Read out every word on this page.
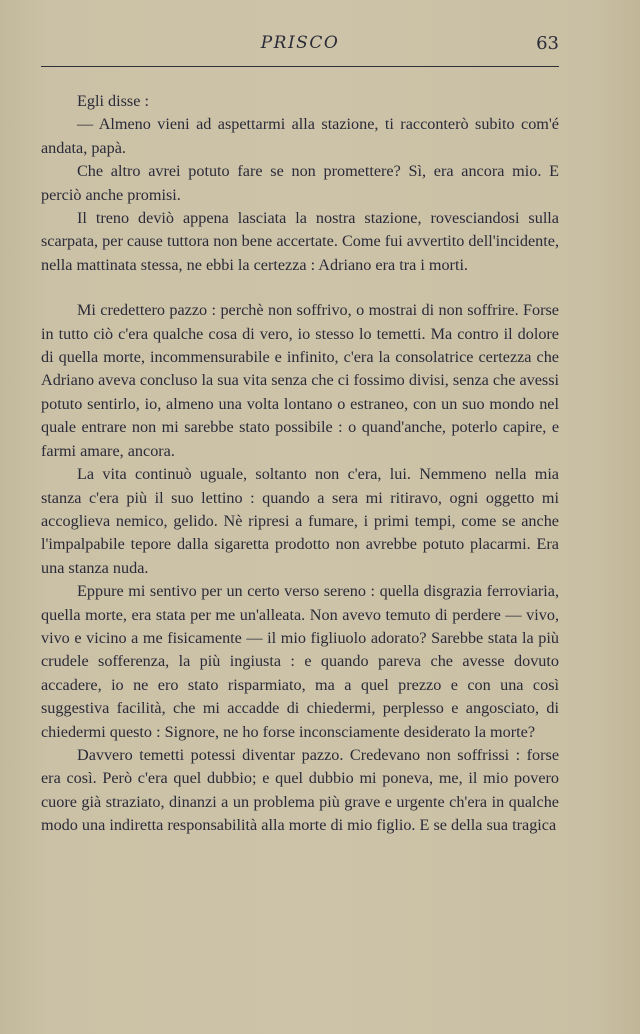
PRISCO	63

Egli disse :

— Almeno vieni ad aspettarmi alla stazione, ti racconterò subito com'é andata, papà.

Che altro avrei potuto fare se non promettere? Sì, era ancora mio. E perciò anche promisi.

Il treno deviò appena lasciata la nostra stazione, rovesciandosi sulla scarpata, per cause tuttora non bene accertate. Come fui avvertito dell'incidente, nella mattinata stessa, ne ebbi la certezza : Adriano era tra i morti.

Mi credettero pazzo : perchè non soffrivo, o mostrai di non soffrire. Forse in tutto ciò c'era qualche cosa di vero, io stesso lo temetti. Ma contro il dolore di quella morte, incommensurabile e infinito, c'era la consolatrice certezza che Adriano aveva concluso la sua vita senza che ci fossimo divisi, senza che avessi potuto sentirlo, io, almeno una volta lontano o estraneo, con un suo mondo nel quale entrare non mi sarebbe stato possibile : o quand'anche, poterlo capire, e farmi amare, ancora.

La vita continuò uguale, soltanto non c'era, lui. Nemmeno nella mia stanza c'era più il suo lettino : quando a sera mi ritiravo, ogni oggetto mi accoglieva nemico, gelido. Nè ripresi a fumare, i primi tempi, come se anche l'impalpabile tepore dalla sigaretta prodotto non avrebbe potuto placarmi. Era una stanza nuda.

Eppure mi sentivo per un certo verso sereno : quella disgrazia ferroviaria, quella morte, era stata per me un'alleata. Non avevo temuto di perdere — vivo, vivo e vicino a me fisicamente — il mio figliuolo adorato? Sarebbe stata la più crudele sofferenza, la più ingiusta : e quando pareva che avesse dovuto accadere, io ne ero stato risparmiato, ma a quel prezzo e con una così suggestiva facilità, che mi accadde di chiedermi, perplesso e angosciato, di chiedermi questo : Signore, ne ho forse inconsciamente desiderato la morte?

Davvero temetti potessi diventar pazzo. Credevano non soffrissi : forse era così. Però c'era quel dubbio; e quel dubbio mi poneva, me, il mio povero cuore già straziato, dinanzi a un problema più grave e urgente ch'era in qualche modo una indiretta responsabilità alla morte di mio figlio. E se della sua tragica
